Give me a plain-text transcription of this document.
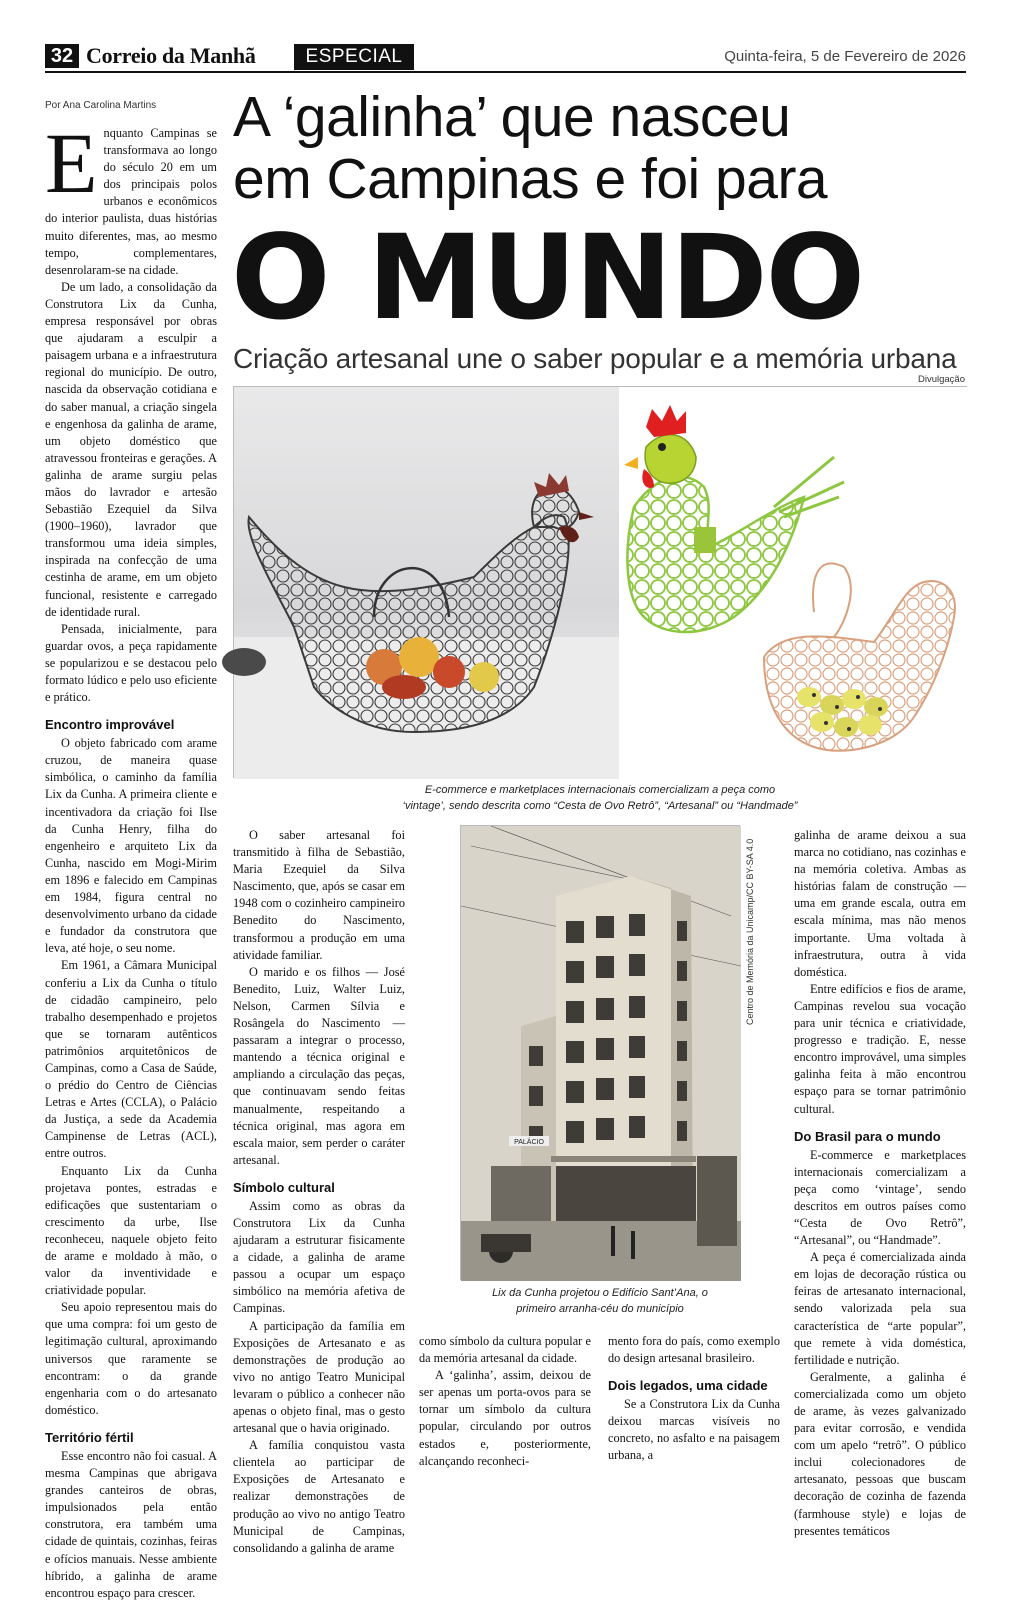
32 Correio da Manhã	ESPECIAL	Quinta-feira, 5 de Fevereiro de 2026
Por Ana Carolina Martins A ‘galinha’ que nasceu
em Campinas e foi para
O MUNDO
Criação artesanal une o saber popular e a memória urbana
Divulgação
E-commerce e marketplaces internacionais comercializam a peça como
‘vintage’, sendo descrita como “Cesta de Ovo Retrô”, “Artesanal” ou “Handmade”
PALÁCIO
Centro de Memória da Unicamp/CC BY-SA 4.0
Lix da Cunha projetou o Edifício Sant’Ana, o
primeiro arranha-céu do município

Enquanto Campinas se transformava ao longo do século 20 em um dos principais polos urbanos e econômicos do interior paulista, duas histórias muito diferentes, mas, ao mesmo tempo, complementares, desenrolaram-se na cidade.

De um lado, a consolidação da Construtora Lix da Cunha, empresa responsável por obras que ajudaram a esculpir a paisagem urbana e a infraestrutura regional do município. De outro, nascida da observação cotidiana e do saber manual, a criação singela e engenhosa da galinha de arame, um objeto doméstico que atravessou fronteiras e gerações. A galinha de arame surgiu pelas mãos do lavrador e artesão Sebastião Ezequiel da Silva (1900–1960), lavrador que transformou uma ideia simples, inspirada na confecção de uma cestinha de arame, em um objeto funcional, resistente e carregado de identidade rural.

Pensada, inicialmente, para guardar ovos, a peça rapidamente se popularizou e se destacou pelo formato lúdico e pelo uso eficiente e prático.

Encontro improvável

O objeto fabricado com arame cruzou, de maneira quase simbólica, o caminho da família Lix da Cunha. A primeira cliente e incentivadora da criação foi Ilse da Cunha Henry, filha do engenheiro e arquiteto Lix da Cunha, nascido em Mogi-Mirim em 1896 e falecido em Campinas em 1984, figura central no desenvolvimento urbano da cidade e fundador da construtora que leva, até hoje, o seu nome.

Em 1961, a Câmara Municipal conferiu a Lix da Cunha o título de cidadão campineiro, pelo trabalho desempenhado e projetos que se tornaram autênticos patrimônios arquitetônicos de Campinas, como a Casa de Saúde, o prédio do Centro de Ciências Letras e Artes (CCLA), o Palácio da Justiça, a sede da Academia Campinense de Letras (ACL), entre outros.

Enquanto Lix da Cunha projetava pontes, estradas e edificações que sustentariam o crescimento da urbe, Ilse reconheceu, naquele objeto feito de arame e moldado à mão, o valor da inventividade e criatividade popular.

Seu apoio representou mais do que uma compra: foi um gesto de legitimação cultural, aproximando universos que raramente se encontram: o da grande engenharia com o do artesanato doméstico.

Território fértil

Esse encontro não foi casual. A mesma Campinas que abrigava grandes canteiros de obras, impulsionados pela então construtora, era também uma cidade de quintais, cozinhas, feiras e ofícios manuais. Nesse ambiente híbrido, a galinha de arame encontrou espaço para crescer.

O saber artesanal foi transmitido à filha de Sebastião, Maria Ezequiel da Silva Nascimento, que, após se casar em 1948 com o cozinheiro campineiro Benedito do Nascimento, transformou a produção em uma atividade familiar.

O marido e os filhos — José Benedito, Luiz, Walter Luiz, Nelson, Carmen Sílvia e Rosângela do Nascimento — passaram a integrar o processo, mantendo a técnica original e ampliando a circulação das peças, que continuavam sendo feitas manualmente, respeitando a técnica original, mas agora em escala maior, sem perder o caráter artesanal.

Símbolo cultural

Assim como as obras da Construtora Lix da Cunha ajudaram a estruturar fisicamente a cidade, a galinha de arame passou a ocupar um espaço simbólico na memória afetiva de Campinas.

A participação da família em Exposições de Artesanato e as demonstrações de produção ao vivo no antigo Teatro Municipal levaram o público a conhecer não apenas o objeto final, mas o gesto artesanal que o havia originado.

A família conquistou vasta clientela ao participar de Exposições de Artesanato e realizar demonstrações de produção ao vivo no antigo Teatro Municipal de Campinas, consolidando a galinha de arame

como símbolo da cultura popular e da memória artesanal da cidade.

A ‘galinha’, assim, deixou de ser apenas um porta-ovos para se tornar um símbolo da cultura popular, circulando por outros estados e, posteriormente, alcançando reconheci-

mento fora do país, como exemplo do design artesanal brasileiro.

Dois legados, uma cidade

Se a Construtora Lix da Cunha deixou marcas visíveis no concreto, no asfalto e na paisagem urbana, a

galinha de arame deixou a sua marca no cotidiano, nas cozinhas e na memória coletiva. Ambas as histórias falam de construção — uma em grande escala, outra em escala mínima, mas não menos importante. Uma voltada à infraestrutura, outra à vida doméstica.

Entre edifícios e fios de arame, Campinas revelou sua vocação para unir técnica e criatividade, progresso e tradição. E, nesse encontro improvável, uma simples galinha feita à mão encontrou espaço para se tornar patrimônio cultural.

Do Brasil para o mundo

E-commerce e marketplaces internacionais comercializam a peça como ‘vintage’, sendo descritos em outros países como “Cesta de Ovo Retrô”, “Artesanal”, ou “Handmade”.

A peça é comercializada ainda em lojas de decoração rústica ou feiras de artesanato internacional, sendo valorizada pela sua característica de “arte popular”, que remete à vida doméstica, fertilidade e nutrição.

Geralmente, a galinha é comercializada como um objeto de arame, às vezes galvanizado para evitar corrosão, e vendida com um apelo “retrô”. O público inclui colecionadores de artesanato, pessoas que buscam decoração de cozinha de fazenda (farmhouse style) e lojas de presentes temáticos
